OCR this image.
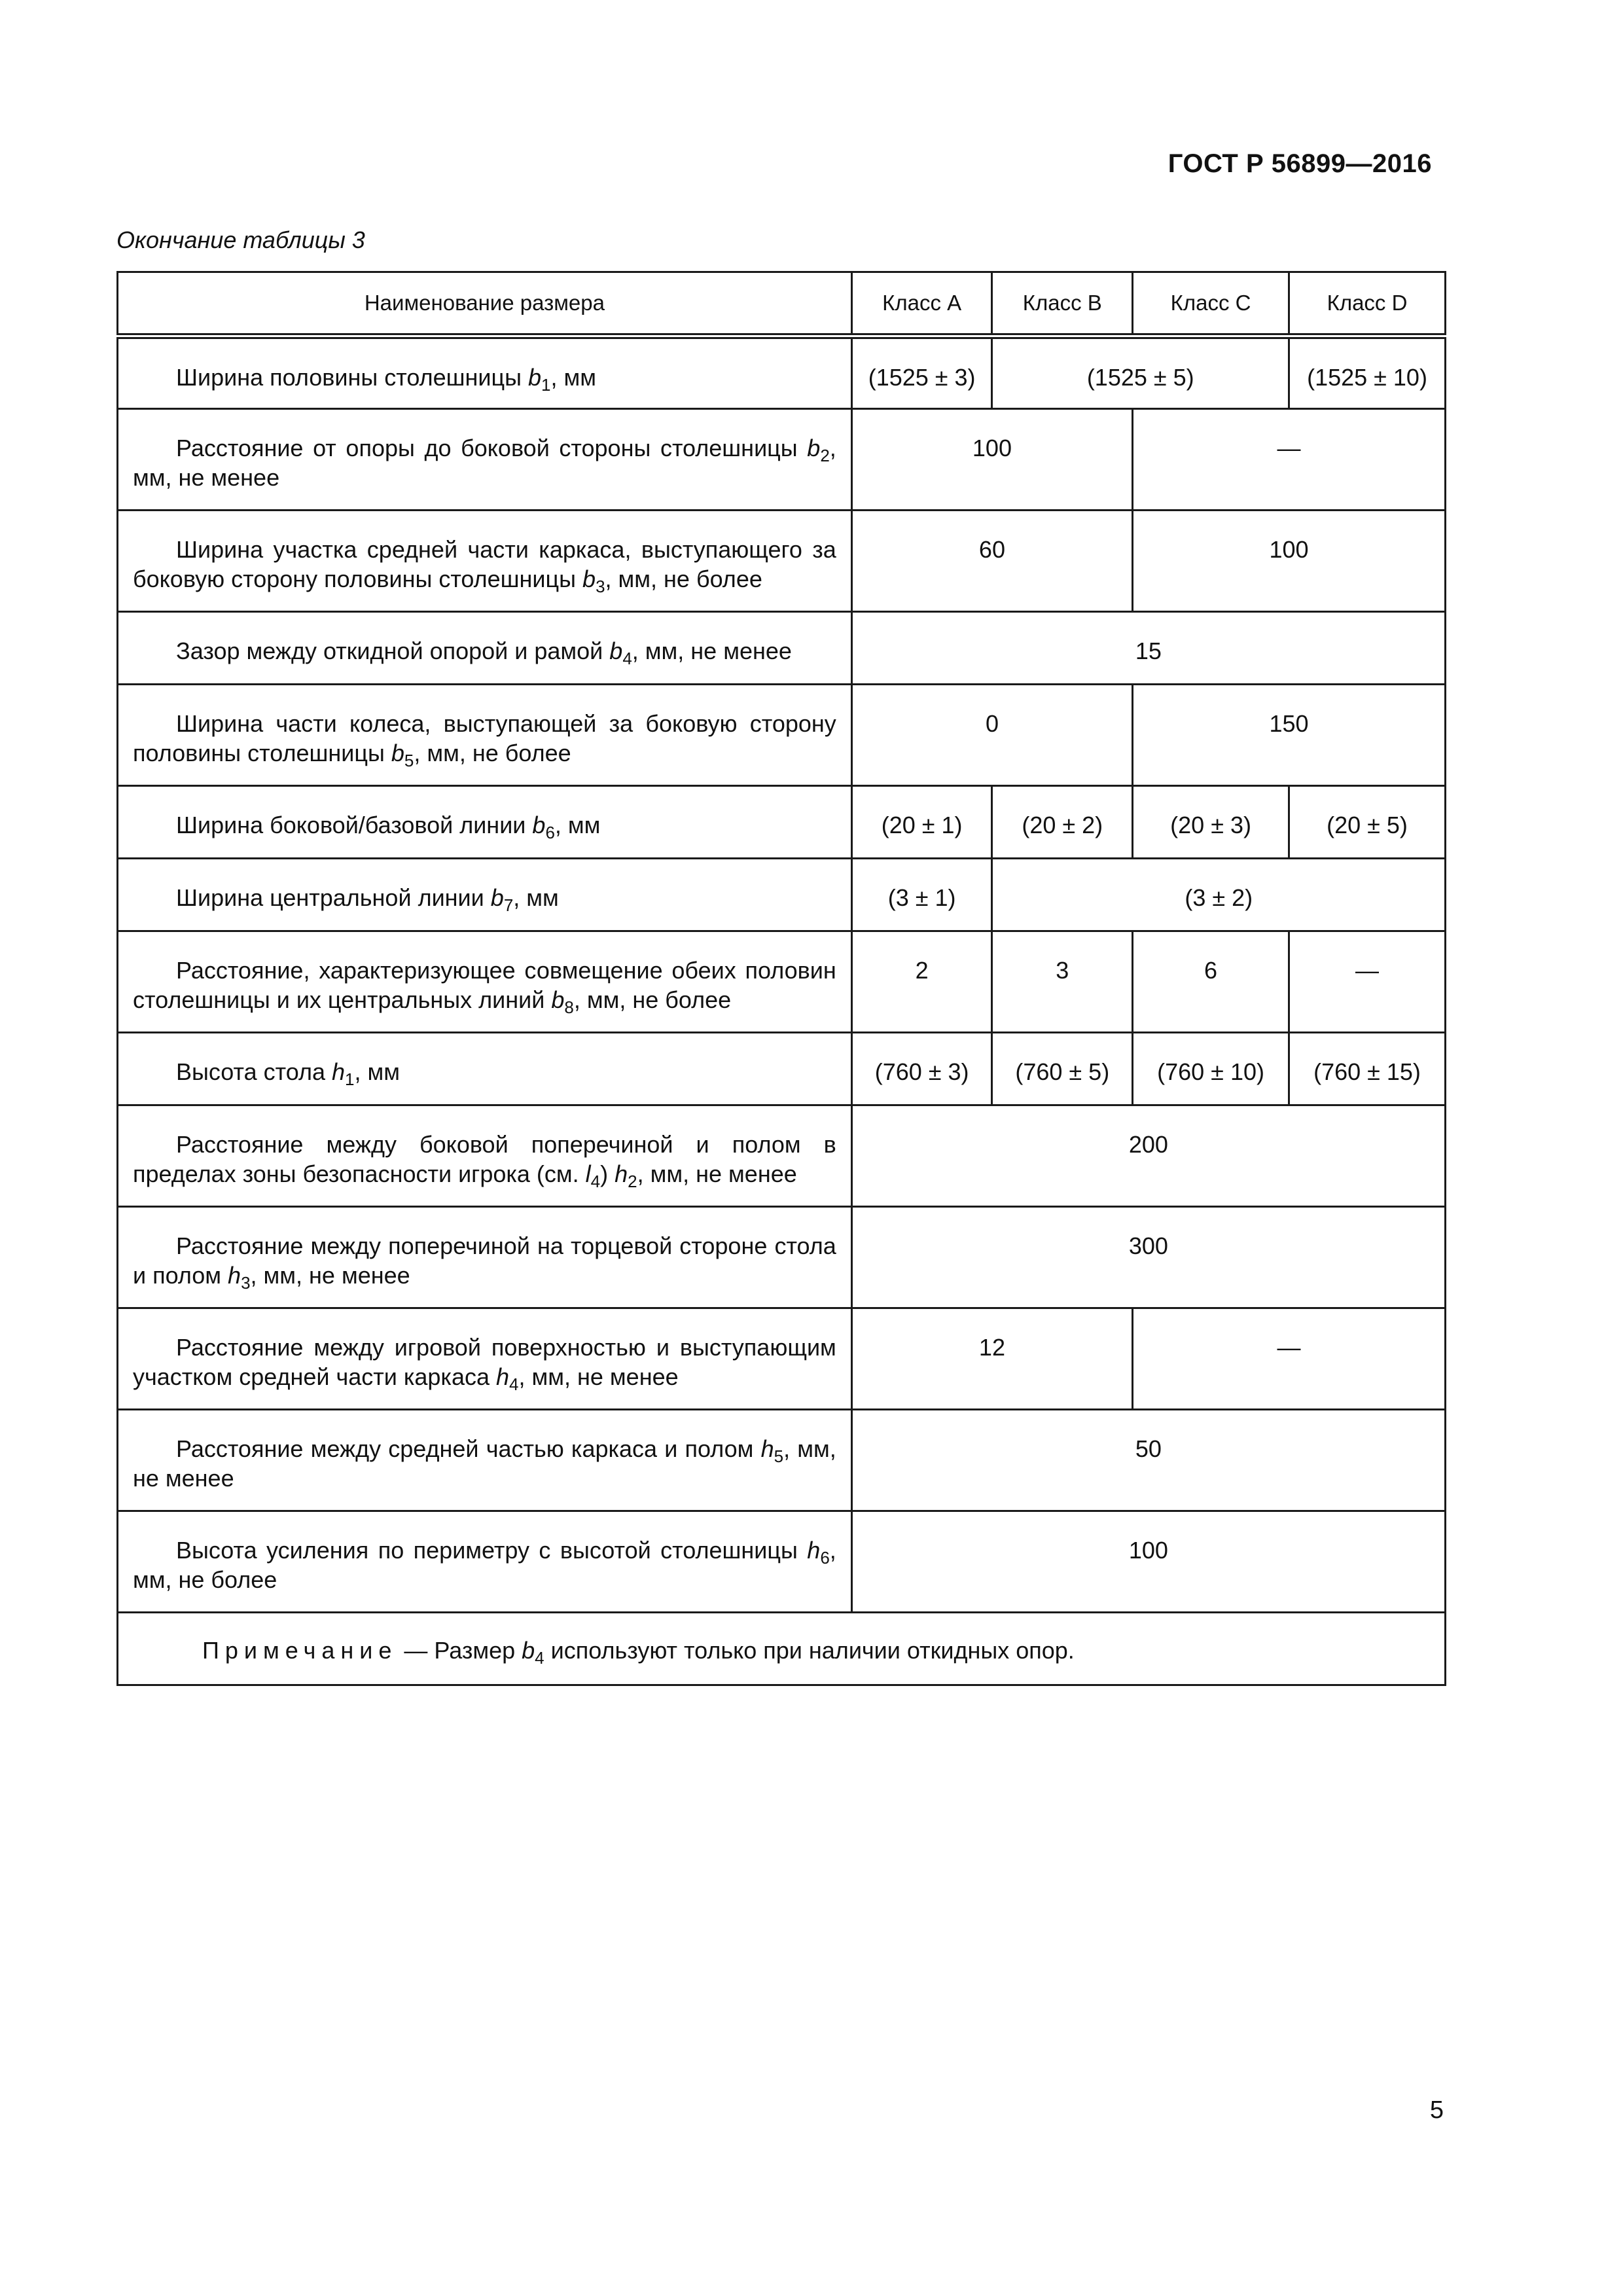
ГОСТ Р 56899—2016
Окончание таблицы 3
Наименование размера	Класс A	Класс B	Класс C	Класс D
Ширина половины столешницы $b_1$, мм	(1525 ± 3)	(1525 ± 5)		(1525 ± 10)
Расстояние от опоры до боковой стороны столешницы $b_2$, мм, не менее	100		—	
Ширина участка средней части каркаса, выступающего за боковую сторону половины столешницы $b_3$, мм, не более	60		100	
Зазор между откидной опорой и рамой $b_4$, мм, не менее	15			
Ширина части колеса, выступающей за боковую сторону половины столешницы $b_5$, мм, не более	0		150	
Ширина боковой/базовой линии $b_6$, мм	(20 ± 1)	(20 ± 2)	(20 ± 3)	(20 ± 5)
Ширина центральной линии $b_7$, мм	(3 ± 1)	(3 ± 2)		
Расстояние, характеризующее совмещение обеих половин столешницы и их центральных линий $b_8$, мм, не более	2	3	6	—
Высота стола $h_1$, мм	(760 ± 3)	(760 ± 5)	(760 ± 10)	(760 ± 15)
Расстояние между боковой поперечиной и полом в пределах зоны безопасности игрока (см. $l_4$) $h_2$, мм, не менее	200			
Расстояние между поперечиной на торцевой стороне стола и полом $h_3$, мм, не менее	300			
Расстояние между игровой поверхностью и выступающим участком средней части каркаса $h_4$, мм, не менее	12		—	
Расстояние между средней частью каркаса и полом $h_5$, мм, не менее	50			
Высота усиления по периметру с высотой столешницы $h_6$, мм, не более	100			
Примечание — Размер $b_4$ используют только при наличии откидных опор.				
5
